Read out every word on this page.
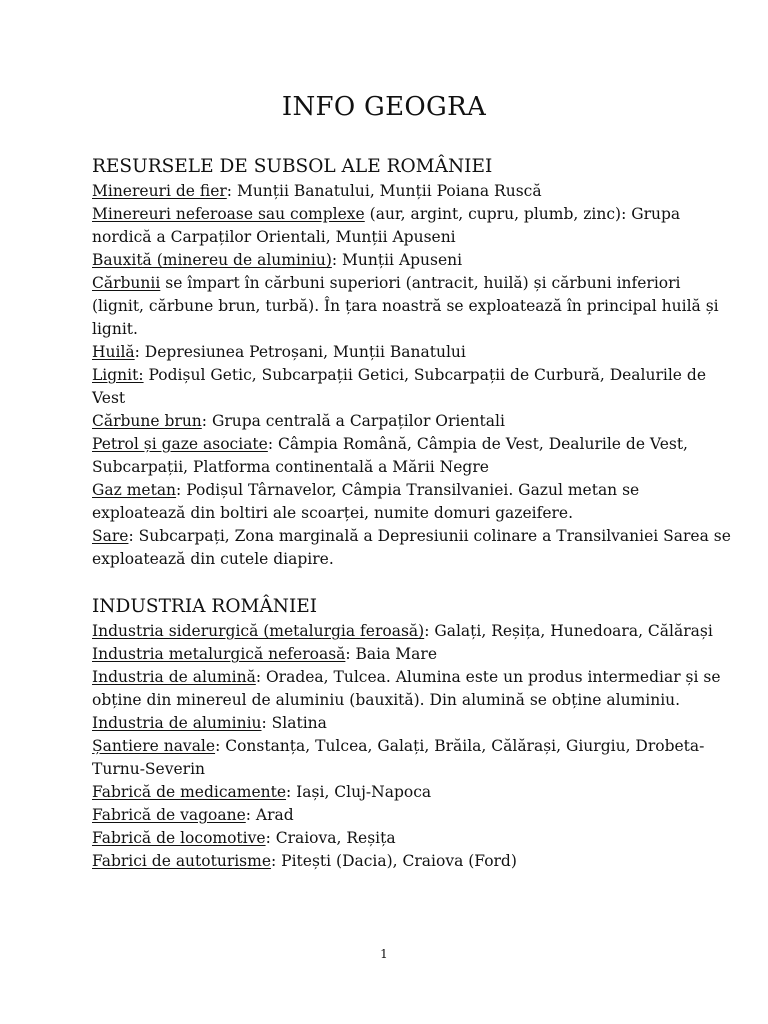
INFO GEOGRA
RESURSELE DE SUBSOL ALE ROMÂNIEI

Minereuri de fier: Munții Banatului, Munții Poiana Ruscă

Minereuri neferoase sau complexe (aur, argint, cupru, plumb, zinc): Grupa nordică a Carpaților Orientali, Munții Apuseni

Bauxită (minereu de aluminiu): Munții Apuseni

Cărbunii se împart în cărbuni superiori (antracit, huilă) și cărbuni inferiori (lignit, cărbune brun, turbă). În țara noastră se exploatează în principal huilă și lignit.

Huilă: Depresiunea Petroșani, Munții Banatului

Lignit: Podișul Getic, Subcarpații Getici, Subcarpații de Curbură, Dealurile de Vest

Cărbune brun: Grupa centrală a Carpaților Orientali

Petrol și gaze asociate: Câmpia Română, Câmpia de Vest, Dealurile de Vest, Subcarpații, Platforma continentală a Mării Negre

Gaz metan: Podișul Târnavelor, Câmpia Transilvaniei. Gazul metan se exploatează din boltiri ale scoarței, numite domuri gazeifere.

Sare: Subcarpați, Zona marginală a Depresiunii colinare a Transilvaniei Sarea se exploatează din cutele diapire.

INDUSTRIA ROMÂNIEI

Industria siderurgică (metalurgia feroasă): Galați, Reșița, Hunedoara, Călărași

Industria metalurgică neferoasă: Baia Mare

Industria de alumină: Oradea, Tulcea. Alumina este un produs intermediar și se obține din minereul de aluminiu (bauxită). Din alumină se obține aluminiu.

Industria de aluminiu: Slatina

Șantiere navale: Constanța, Tulcea, Galați, Brăila, Călărași, Giurgiu, Drobeta-Turnu-Severin

Fabrică de medicamente: Iași, Cluj-Napoca

Fabrică de vagoane: Arad

Fabrică de locomotive: Craiova, Reșița

Fabrici de autoturisme: Pitești (Dacia), Craiova (Ford)

1
